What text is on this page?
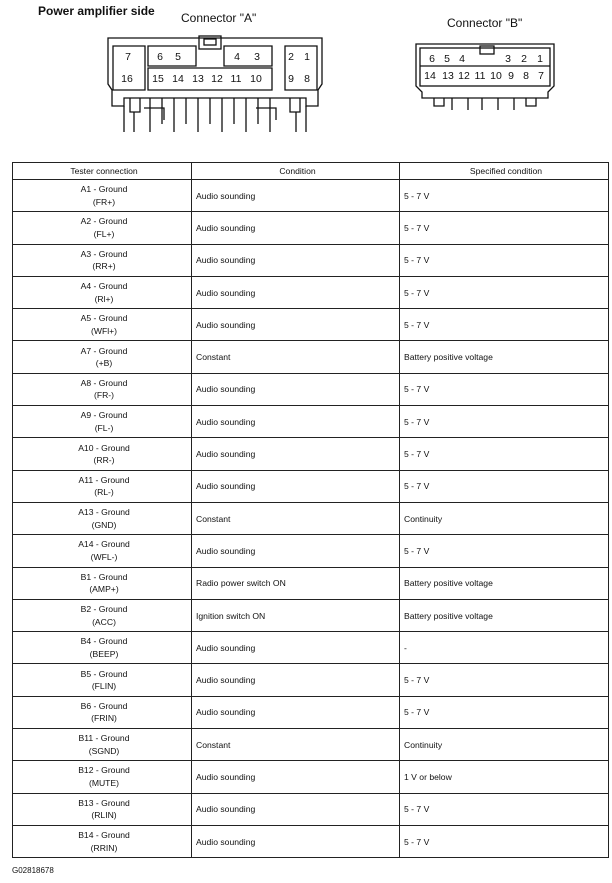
Power amplifier side Connector "A"	Connector "B"
7 6 5	4 3	2 1
16 15 14 13 12 11 10 9 8
6 5 4	3 2 1
14 13 12 11 10 9 8 7
Tester connection	Condition	Specified condition

A1 - Ground
(FR+)	Audio sounding	5 - 7 V

A2 - Ground
(FL+)	Audio sounding	5 - 7 V

A3 - Ground
(RR+)	Audio sounding	5 - 7 V

A4 - Ground
(Rl+)	Audio sounding	5 - 7 V

A5 - Ground
(WFl+)	Audio sounding	5 - 7 V

A7 - Ground
(+B)	Constant	Battery positive voltage

A8 - Ground
(FR-)	Audio sounding	5 - 7 V

A9 - Ground
(FL-)	Audio sounding	5 - 7 V

A10 - Ground
(RR-)	Audio sounding	5 - 7 V

A11 - Ground
(RL-)	Audio sounding	5 - 7 V

A13 - Ground
(GND)	Constant	Continuity

A14 - Ground
(WFL-)	Audio sounding	5 - 7 V

B1 - Ground
(AMP+)	Radio power switch ON	Battery positive voltage

B2 - Ground
(ACC)	Ignition switch ON	Battery positive voltage

B4 - Ground
(BEEP)	Audio sounding	-

B5 - Ground
(FLIN)	Audio sounding	5 - 7 V

B6 - Ground
(FRIN)	Audio sounding	5 - 7 V

B11 - Ground
(SGND)	Constant	Continuity

B12 - Ground
(MUTE)	Audio sounding	1 V or below

B13 - Ground
(RLIN)	Audio sounding	5 - 7 V

B14 - Ground
(RRIN)	Audio sounding	5 - 7 V
G02818678
